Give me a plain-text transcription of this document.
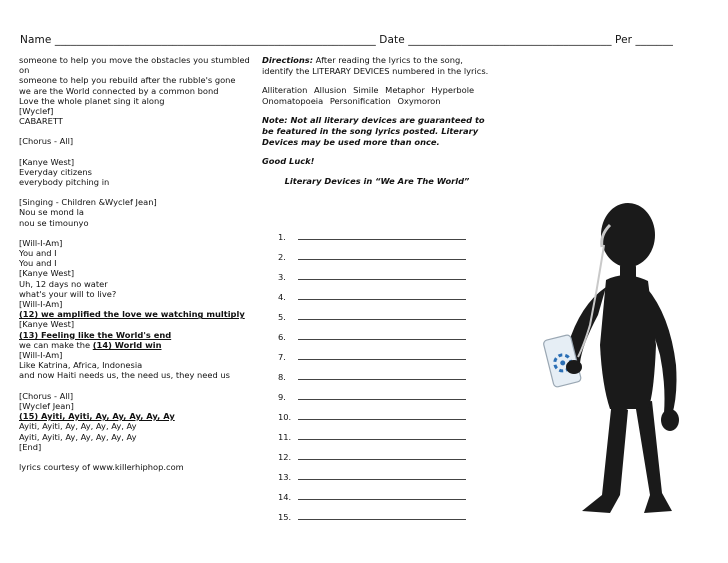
Name ____________________________________________________________ Date ______________________________________ Per _______
someone to help you move the obstacles you stumbled
on
someone to help you rebuild after the rubble's gone
we are the World connected by a common bond
Love the whole planet sing it along
[Wyclef]
CABARETT
[Chorus - All]
[Kanye West]
Everyday citizens
everybody pitching in
[Singing - Children &Wyclef Jean]
Nou se mond la
nou se timounyo
[Will-I-Am]
You and I
You and I
[Kanye West]
Uh, 12 days no water
what's your will to live?
[Will-I-Am]
(12) we amplified the love we watching multiply
[Kanye West]
(13) Feeling like the World's end
we can make the (14) World win
[Will-I-Am]
Like Katrina, Africa, Indonesia
and now Haiti needs us, the need us, they need us
[Chorus - All]
[Wyclef Jean]
(15) Ayiti, Ayiti, Ay, Ay, Ay, Ay, Ay
Ayiti, Ayiti, Ay, Ay, Ay, Ay, Ay
Ayiti, Ayiti, Ay, Ay, Ay, Ay, Ay
[End]
lyrics courtesy of www.killerhiphop.com
Directions: After reading the lyrics to the song, identify the LITERARY DEVICES numbered in the lyrics.
Alliteration Allusion Simile Metaphor Hyperbole
Onomatopoeia Personification Oxymoron
Note: Not all literary devices are guaranteed to be featured in the song lyrics posted. Literary Devices may be used more than once.
Good Luck!
Literary Devices in “We Are The World”
1.
2.
3.
4.
5.
6.
7.
8.
9.
10.
11.
12.
13.
14.
15.
